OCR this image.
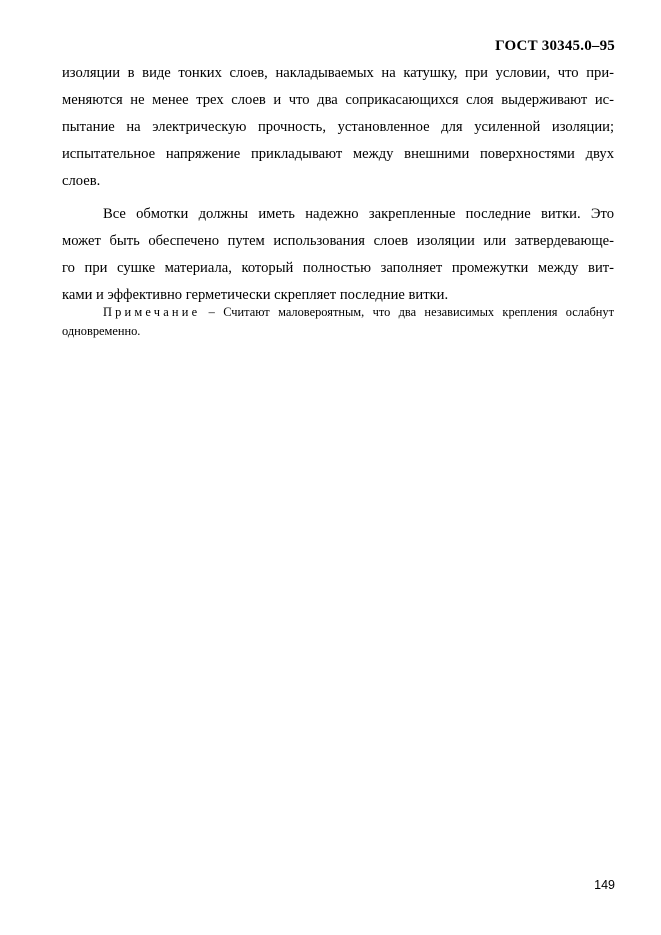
ГОСТ 30345.0–95
изоляции в виде тонких слоев, накладываемых на катушку, при условии, что при-
меняются не менее трех слоев и что два соприкасающихся слоя выдерживают ис-
пытание на электрическую прочность, установленное для усиленной изоляции;
испытательное напряжение прикладывают между внешними поверхностями двух
слоев.
Все обмотки должны иметь надежно закрепленные последние витки. Это
может быть обеспечено путем использования слоев изоляции или затвердевающе-
го при сушке материала, который полностью заполняет промежутки между вит-
ками и эффективно герметически скрепляет последние витки.
Примечание – Считают маловероятным, что два независимых крепления ослабнут
одновременно.
149
